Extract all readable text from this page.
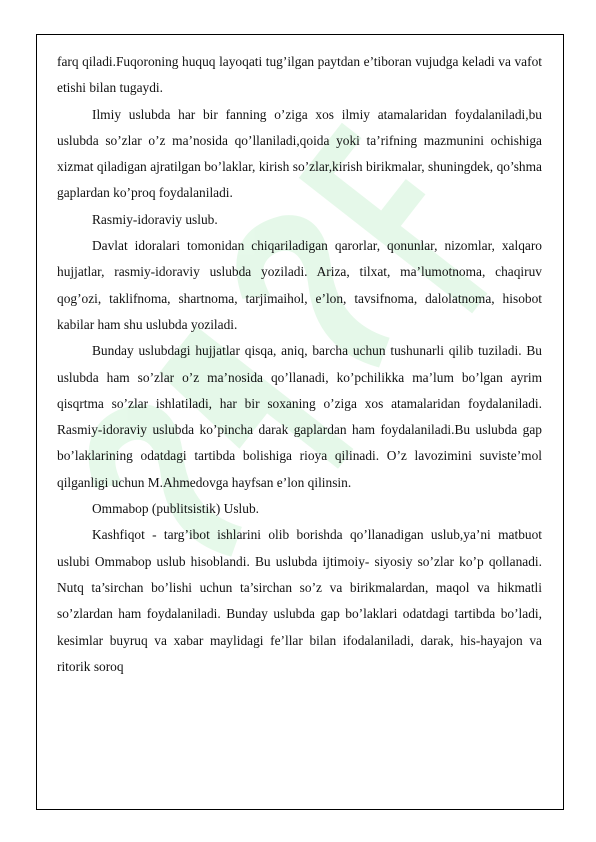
farq qiladi.Fuqoroning huquq layoqati tug’ilgan paytdan e’tiboran vujudga keladi va vafot etishi bilan tugaydi.

Ilmiy uslubda har bir fanning o’ziga xos ilmiy atamalaridan foydalaniladi,bu uslubda so’zlar o’z ma’nosida qo’llaniladi,qoida yoki ta’rifning mazmunini ochishiga xizmat qiladigan ajratilgan bo’laklar, kirish so’zlar,kirish birikmalar, shuningdek, qo’shma gaplardan ko’proq foydalaniladi.

Rasmiy-idoraviy uslub.

Davlat idoralari tomonidan chiqariladigan qarorlar, qonunlar, nizomlar, xalqaro hujjatlar, rasmiy-idoraviy uslubda yoziladi. Ariza, tilxat, ma’lumotnoma, chaqiruv qog’ozi, taklifnoma, shartnoma, tarjimaihol, e’lon, tavsifnoma, dalolatnoma, hisobot kabilar ham shu uslubda yoziladi.

Bunday uslubdagi hujjatlar qisqa, aniq, barcha uchun tushunarli qilib tuziladi. Bu uslubda ham so’zlar o’z ma’nosida qo’llanadi, ko’pchilikka ma’lum bo’lgan ayrim qisqrtma so’zlar ishlatiladi, har bir soxaning o’ziga xos atamalaridan foydalaniladi. Rasmiy-idoraviy uslubda ko’pincha darak gaplardan ham foydalaniladi.Bu uslubda gap bo’laklarining odatdagi tartibda bolishiga rioya qilinadi. O’z lavozimini suviste’mol qilganligi uchun M.Ahmedovga hayfsan e’lon qilinsin.

Ommabop (publitsistik) Uslub.

Kashfiqot - targ’ibot ishlarini olib borishda qo’llanadigan uslub,ya’ni matbuot uslubi Ommabop uslub hisoblandi. Bu uslubda ijtimoiy- siyosiy so’zlar ko’p qollanadi. Nutq ta’sirchan bo’lishi uchun ta’sirchan so’z va birikmalardan, maqol va hikmatli so’zlardan ham foydalaniladi. Bunday uslubda gap bo’laklari odatdagi tartibda bo’ladi, kesimlar buyruq va xabar maylidagi fe’llar bilan ifodalaniladi, darak, his-hayajon va ritorik soroq
